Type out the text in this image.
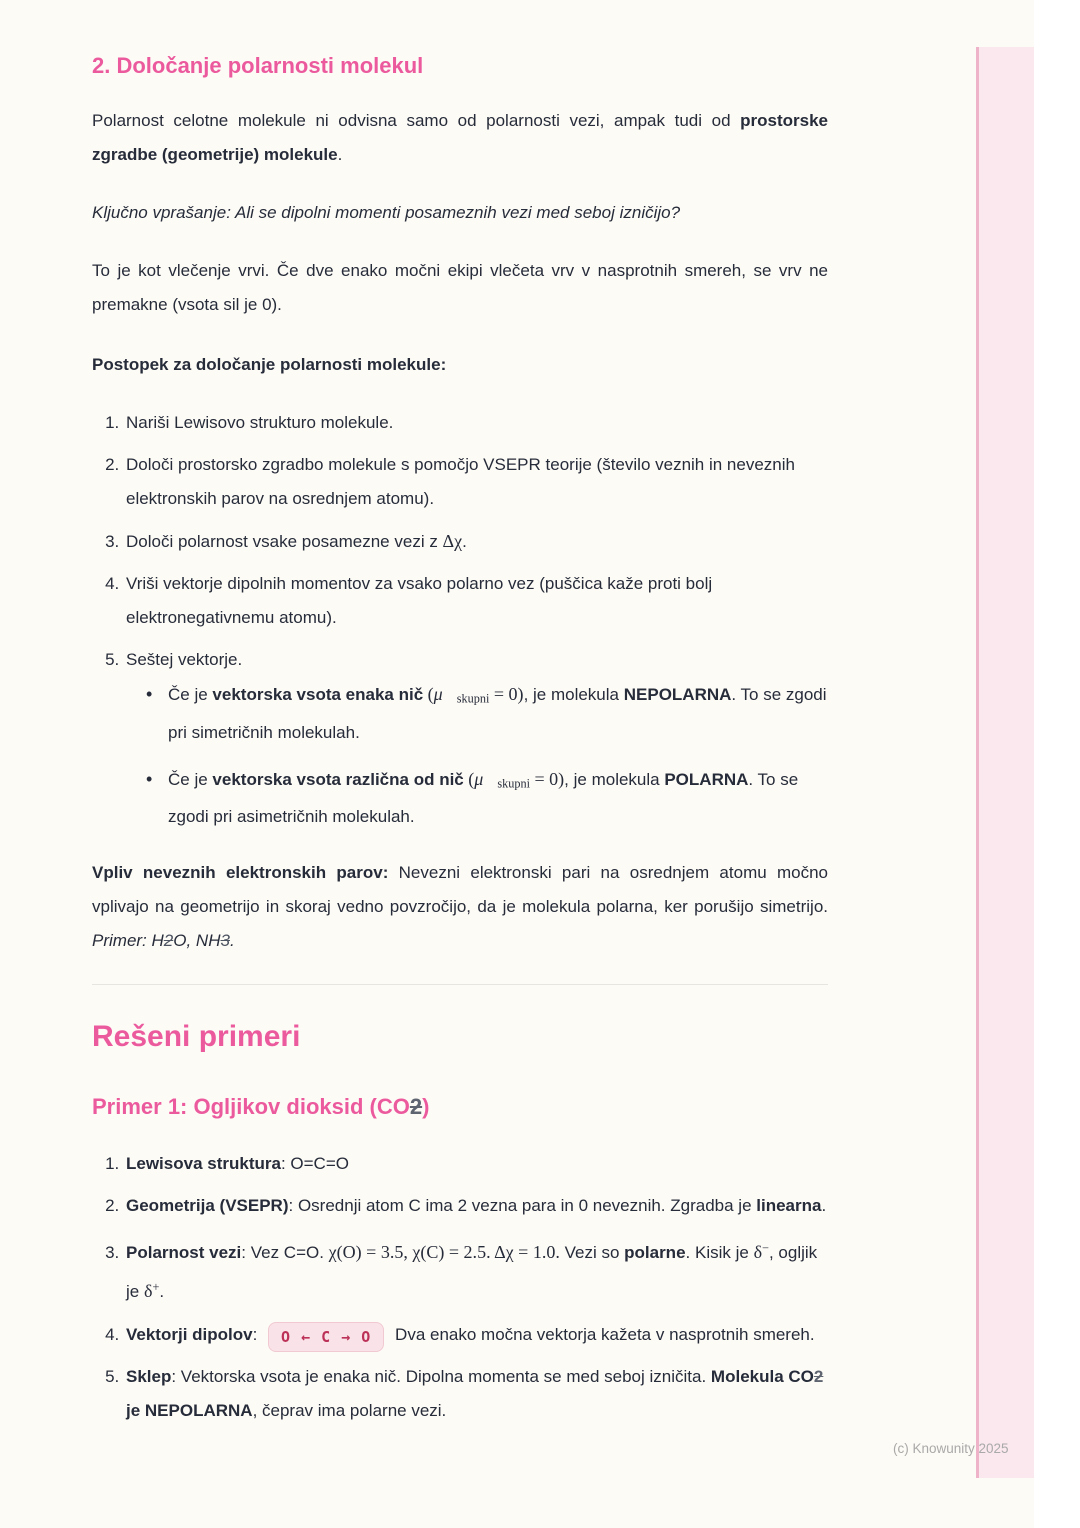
2. Določanje polarnosti molekul

Polarnost celotne molekule ni odvisna samo od polarnosti vezi, ampak tudi od prostorske zgradbe (geometrije) molekule.

Ključno vprašanje: Ali se dipolni momenti posameznih vezi med seboj izničijo?

To je kot vlečenje vrvi. Če dve enako močni ekipi vlečeta vrv v nasprotnih smereh, se vrv ne premakne (vsota sil je 0).

Postopek za določanje polarnosti molekule:

1. Nariši Lewisovo strukturo molekule.
2. Določi prostorsko zgradbo molekule s pomočjo VSEPR teorije (število veznih in neveznih elektronskih parov na osrednjem atomu).
3. Določi polarnost vsake posamezne vezi z Δχ.
4. Vriši vektorje dipolnih momentov za vsako polarno vez (puščica kaže proti bolj elektronegativnemu atomu).
5. Seštej vektorje.
• Če je vektorska vsota enaka nič (μ⃗skupni = 0), je molekula NEPOLARNA. To se zgodi pri simetričnih molekulah.
• Če je vektorska vsota različna od nič (μ⃗skupni = 0), je molekula POLARNA. To se zgodi pri asimetričnih molekulah.

Vpliv neveznih elektronskih parov: Nevezni elektronski pari na osrednjem atomu močno vplivajo na geometrijo in skoraj vedno povzročijo, da je molekula polarna, ker porušijo simetrijo. Primer: H2O, NH3.

Rešeni primeri
Primer 1: Ogljikov dioksid (CO2)
1. Lewisova struktura: O=C=O
2. Geometrija (VSEPR): Osrednji atom C ima 2 vezna para in 0 neveznih. Zgradba je linearna.
3. Polarnost vezi: Vez C=O. χ(O) = 3.5, χ(C) = 2.5. Δχ = 1.0. Vezi so polarne. Kisik je δ−, ogljik je δ+.
4. Vektorji dipolov: O ← C → O Dva enako močna vektorja kažeta v nasprotnih smereh.
5. Sklep: Vektorska vsota je enaka nič. Dipolna momenta se med seboj izničita. Molekula CO2 je NEPOLARNA, čeprav ima polarne vezi.
(c) Knowunity 2025
